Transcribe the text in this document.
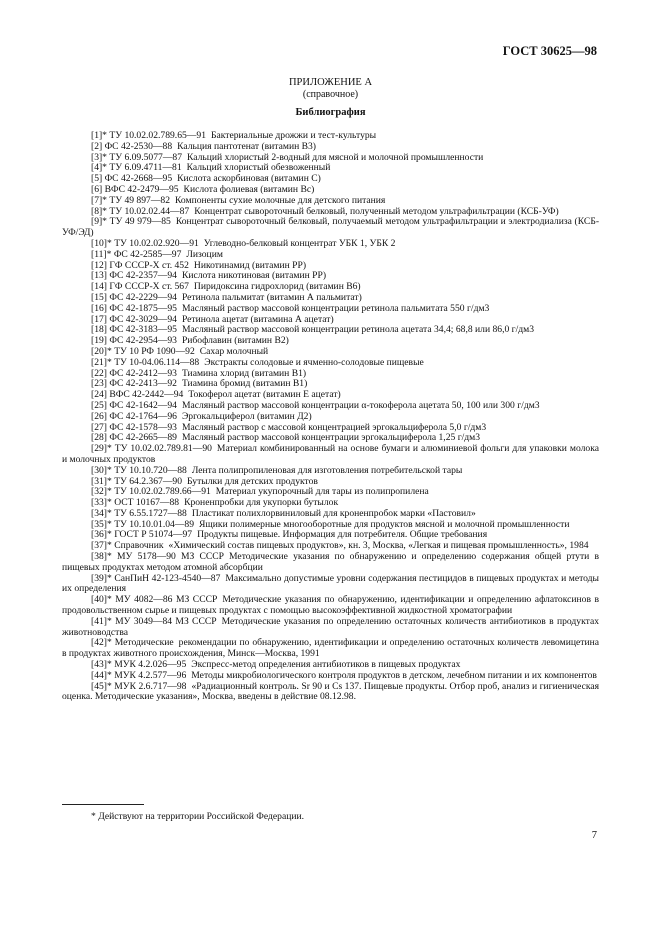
ГОСТ 30625—98
ПРИЛОЖЕНИЕ А
(справочное)
Библиография

[1]* ТУ 10.02.02.789.65—91 Бактериальные дрожжи и тест-культуры

[2] ФС 42-2530—88 Кальция пантотенат (витамин В3)

[3]* ТУ 6.09.5077—87 Кальций хлористый 2-водный для мясной и молочной промышленности

[4]* ТУ 6.09.4711—81 Кальций хлористый обезвоженный

[5] ФС 42-2668—95 Кислота аскорбиновая (витамин С)

[6] ВФС 42-2479—95 Кислота фолиевая (витамин Вс)

[7]* ТУ 49 897—82 Компоненты сухие молочные для детского питания

[8]* ТУ 10.02.02.44—87 Концентрат сывороточный белковый, полученный методом ультрафильтрации (КСБ-УФ)

[9]* ТУ 49 979—85 Концентрат сывороточный белковый, получаемый методом ультрафильтрации и электродиализа (КСБ-УФ/ЭД)

[10]* ТУ 10.02.02.920—91 Углеводно-белковый концентрат УБК 1, УБК 2

[11]* ФС 42-2585—97 Лизоцим

[12] ГФ СССР-Х ст. 452 Никотинамид (витамин РР)

[13] ФС 42-2357—94 Кислота никотиновая (витамин РР)

[14] ГФ СССР-Х ст. 567 Пиридоксина гидрохлорид (витамин В6)

[15] ФС 42-2229—94 Ретинола пальмитат (витамин А пальмитат)

[16] ФС 42-1875—95 Масляный раствор массовой концентрации ретинола пальмитата 550 г/дм3

[17] ФС 42-3029—94 Ретинола ацетат (витамина А ацетат)

[18] ФС 42-3183—95 Масляный раствор массовой концентрации ретинола ацетата 34,4; 68,8 или 86,0 г/дм3

[19] ФС 42-2954—93 Рибофлавин (витамин В2)

[20]* ТУ 10 РФ 1090—92 Сахар молочный

[21]* ТУ 10-04.06.114—88 Экстракты солодовые и ячменно-солодовые пищевые

[22] ФС 42-2412—93 Тиамина хлорид (витамин В1)

[23] ФС 42-2413—92 Тиамина бромид (витамин В1)

[24] ВФС 42-2442—94 Токоферол ацетат (витамин Е ацетат)

[25] ФС 42-1642—94 Масляный раствор массовой концентрации α-токоферола ацетата 50, 100 или 300 г/дм3

[26] ФС 42-1764—96 Эргокальциферол (витамин Д2)

[27] ФС 42-1578—93 Масляный раствор с массовой концентрацией эргокальциферола 5,0 г/дм3

[28] ФС 42-2665—89 Масляный раствор массовой концентрации эргокальциферола 1,25 г/дм3

[29]* ТУ 10.02.02.789.81—90 Материал комбинированный на основе бумаги и алюминиевой фольги для упаковки молока и молочных продуктов

[30]* ТУ 10.10.720—88 Лента полипропиленовая для изготовления потребительской тары

[31]* ТУ 64.2.367—90 Бутылки для детских продуктов

[32]* ТУ 10.02.02.789.66—91 Материал укупорочный для тары из полипропилена

[33]* ОСТ 10167—88 Кроненпробки для укупорки бутылок

[34]* ТУ 6.55.1727—88 Пластикат полихлорвиниловый для кроненпробок марки «Пастовил»

[35]* ТУ 10.10.01.04—89 Ящики полимерные многооборотные для продуктов мясной и молочной промышленности

[36]* ГОСТ Р 51074—97 Продукты пищевые. Информация для потребителя. Общие требования

[37]* Справочник «Химический состав пищевых продуктов», кн. 3, Москва, «Легкая и пищевая промышленность», 1984

[38]* МУ 5178—90 МЗ СССР Методические указания по обнаружению и определению содержания общей ртути в пищевых продуктах методом атомной абсорбции

[39]* СанПиН 42-123-4540—87 Максимально допустимые уровни содержания пестицидов в пищевых продуктах и методы их определения

[40]* МУ 4082—86 МЗ СССР Методические указания по обнаружению, идентификации и определению афлатоксинов в продовольственном сырье и пищевых продуктах с помощью высокоэффективной жидкостной хроматографии

[41]* МУ 3049—84 МЗ СССР Методические указания по определению остаточных количеств антибиотиков в продуктах животноводства

[42]* Методические рекомендации по обнаружению, идентификации и определению остаточных количеств левомицетина в продуктах животного происхождения, Минск—Москва, 1991

[43]* МУК 4.2.026—95 Экспресс-метод определения антибиотиков в пищевых продуктах

[44]* МУК 4.2.577—96 Методы микробиологического контроля продуктов в детском, лечебном питании и их компонентов

[45]* МУК 2.6.717—98 «Радиационный контроль. Sr 90 и Cs 137. Пищевые продукты. Отбор проб, анализ и гигиеническая оценка. Методические указания», Москва, введены в действие 08.12.98.

* Действуют на территории Российской Федерации.
7
